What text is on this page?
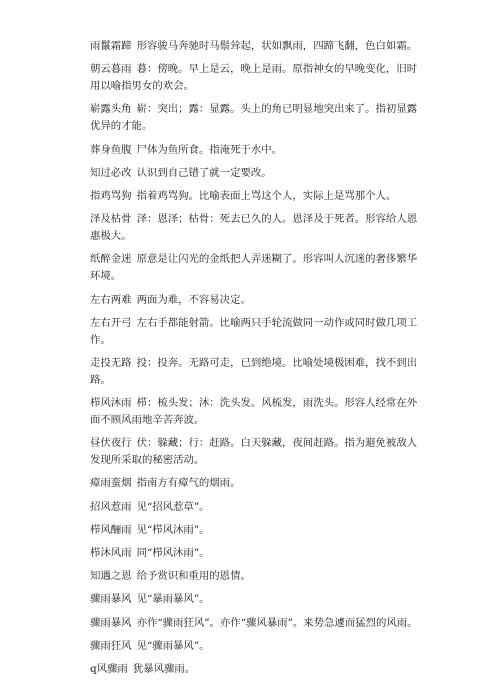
雨鬣霜蹄 形容骏马奔驰时马鬃耸起，状如飘雨，四蹄飞翻，色白如霜。
朝云暮雨 暮：傍晚。早上是云，晚上是雨。原指神女的早晚变化，旧时用以喻指男女的欢会。
崭露头角 崭：突出；露：显露。头上的角已明显地突出来了。指初显露优异的才能。
葬身鱼腹 尸体为鱼所食。指淹死于水中。
知过必改 认识到自己错了就一定要改。
指鸡骂狗 指着鸡骂狗。比喻表面上骂这个人，实际上是骂那个人。
泽及枯骨 泽：恩泽；枯骨：死去已久的人。恩泽及于死者。形容给人恩惠极大。
纸醉金迷 原意是让闪光的金纸把人弄迷糊了。形容叫人沉迷的奢侈繁华环境。
左右两难 两面为难，不容易决定。
左右开弓 左右手都能射箭。比喻两只手轮流做同一动作或同时做几项工作。
走投无路 投：投奔。无路可走，已到绝境。比喻处境极困难，找不到出路。
栉风沐雨 栉：梳头发；沐：洗头发。风梳发，雨洗头。形容人经常在外面不顾风雨地辛苦奔波。
昼伏夜行 伏：躲藏；行：赶路。白天躲藏，夜间赶路。指为避免被敌人发现所采取的秘密活动。
瘴雨蛮烟 指南方有瘴气的烟雨。
招风惹雨 见“招风惹草”。
栉风酾雨 见“栉风沐雨”。
栉沐风雨 同“栉风沐雨”。
知遇之恩 给予赏识和重用的恩情。
骤雨暴风 见“暴雨暴风”。
骤雨暴风 亦作“骤雨狂风”。亦作“骤风暴雨”。来势急遽而猛烈的风雨。
骤雨狂风 见“骤雨暴风”。
q风骤雨 犹暴风骤雨。
